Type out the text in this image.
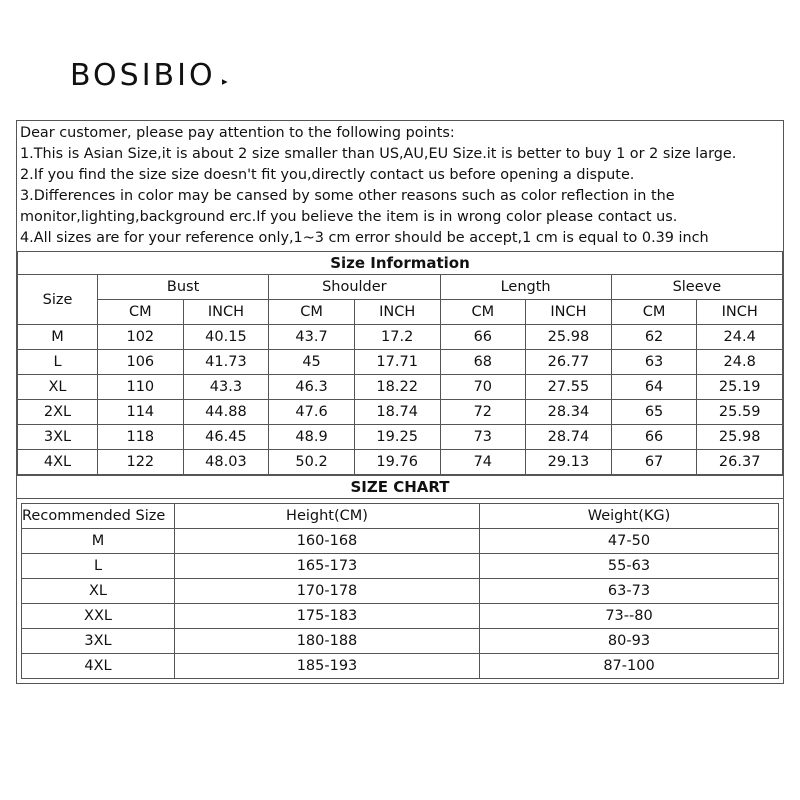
BOSIBIO
Dear customer, please pay attention to the following points:
1.This is Asian Size,it is about 2 size smaller than US,AU,EU Size.it is better to buy 1 or 2 size large.
2.If you find the size size doesn't fit you,directly contact us before opening a dispute.
3.Differences in color may be cansed by some other reasons such as color reflection in the
monitor,lighting,background erc.If you believe the item is in wrong color please contact us.
4.All sizes are for your reference only,1~3 cm error should be accept,1 cm is equal to 0.39 inch
Size Information								
Size	Bust		Shoulder		Length		Sleeve	
	CM	INCH	CM	INCH	CM	INCH	CM	INCH
M	102	40.15	43.7	17.2	66	25.98	62	24.4
L	106	41.73	45	17.71	68	26.77	63	24.8
XL	110	43.3	46.3	18.22	70	27.55	64	25.19
2XL	114	44.88	47.6	18.74	72	28.34	65	25.59
3XL	118	46.45	48.9	19.25	73	28.74	66	25.98
4XL	122	48.03	50.2	19.76	74	29.13	67	26.37
SIZE CHART
Recommended Size	Height(CM)	Weight(KG)
M	160-168	47-50
L	165-173	55-63
XL	170-178	63-73
XXL	175-183	73--80
3XL	180-188	80-93
4XL	185-193	87-100
